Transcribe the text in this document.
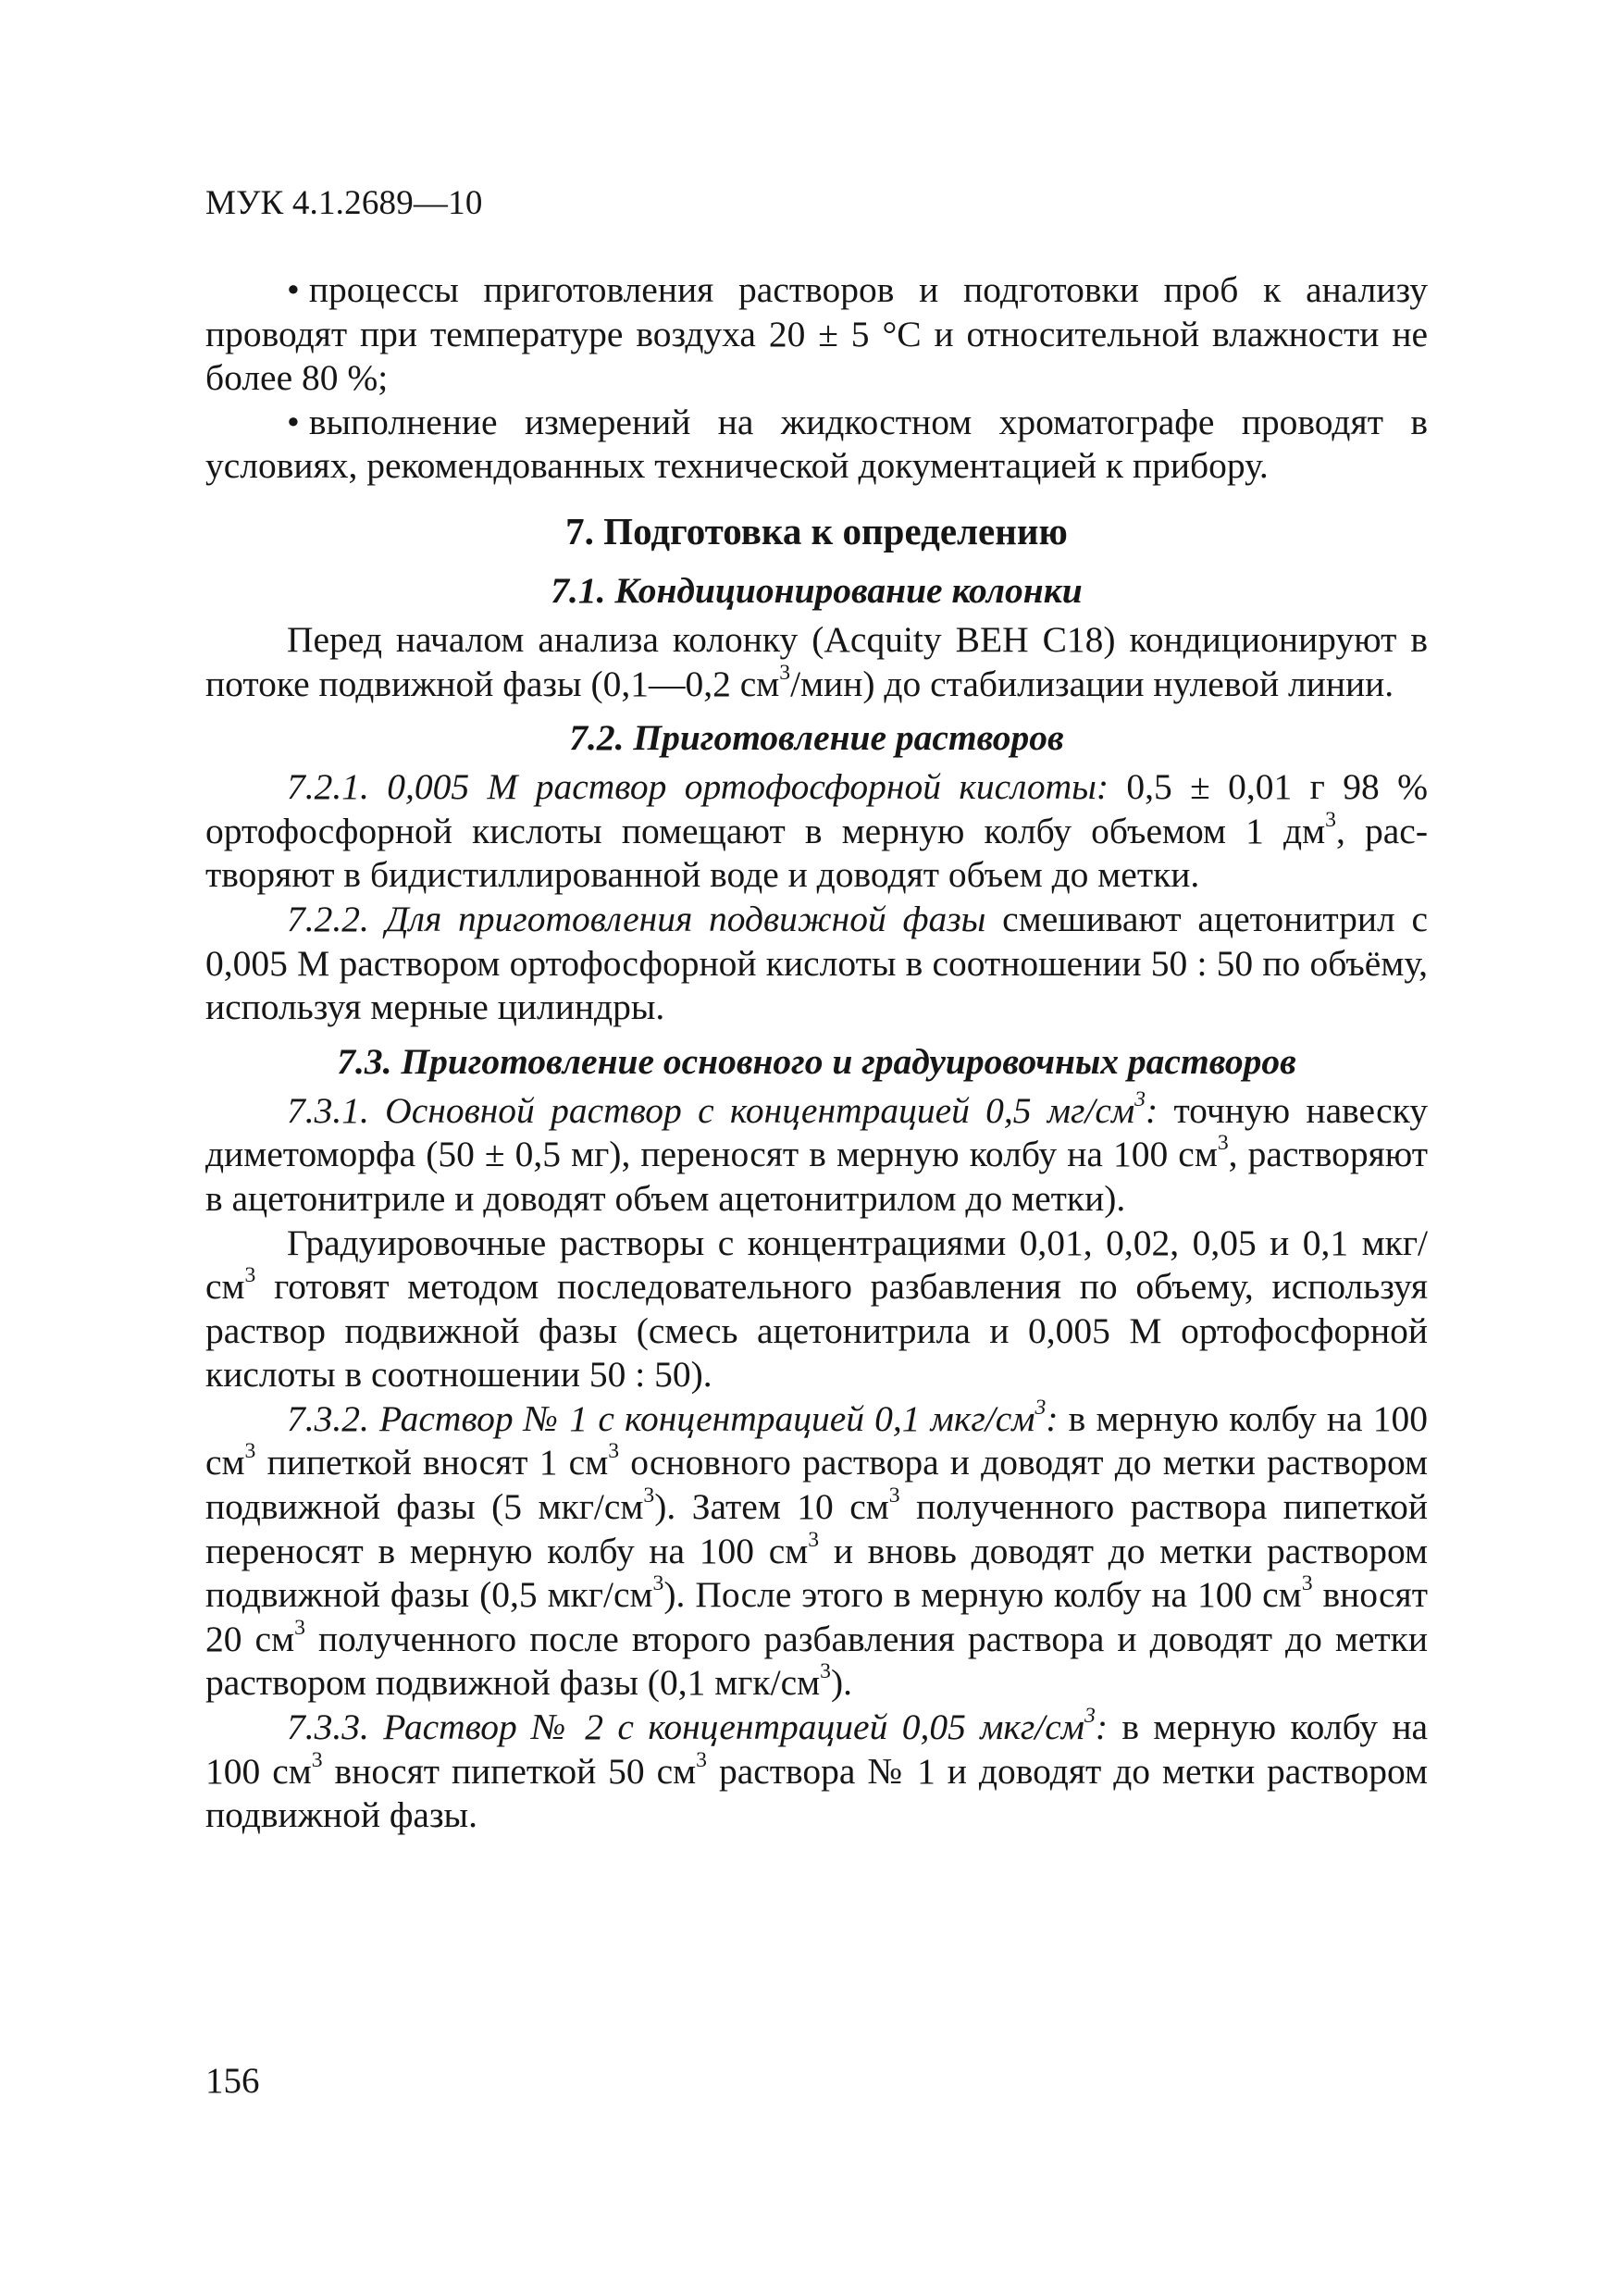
МУК 4.1.2689—10

• процессы приготовления растворов и подготовки проб к анализу проводят при температуре воздуха 20 ± 5 °С и относительной влажности не более 80 %;

• выполнение измерений на жидкостном хроматографе проводят в условиях, рекомендованных технической документацией к прибору.

7. Подготовка к определению
7.1. Кондиционирование колонки

Перед началом анализа колонку (Acquity ВЕН С18) кондиционируют в потоке подвижной фазы (0,1—0,2 $см^3/мин$) до стабилизации нулевой линии.

7.2. Приготовление растворов

7.2.1. 0,005 М раствор ортофосфорной кислоты: 0,5 ± 0,01 г 98 % ортофосфорной кислоты помещают в мерную колбу объемом 1 $дм^3$, растворяют в бидистиллированной воде и доводят объем до метки.

7.2.2. Для приготовления подвижной фазы смешивают ацетонитрил с 0,005 М раствором ортофосфорной кислоты в соотношении 50 : 50 по объёму, используя мерные цилиндры.

7.3. Приготовление основного и градуировочных растворов

7.3.1. Основной раствор с концентрацией 0,5 $мг/см^3$: точную навеску диметоморфа (50 ± 0,5 мг), переносят в мерную колбу на 100 $см^3$, растворяют в ацетонитриле и доводят объем ацетонитрилом до метки).

Градуировочные растворы с концентрациями 0,01, 0,02, 0,05 и 0,1 мкг/$см^3$ готовят методом последовательного разбавления по объему, используя раствор подвижной фазы (смесь ацетонитрила и 0,005 М ортофосфорной кислоты в соотношении 50 : 50).

7.3.2. Раствор № 1 с концентрацией 0,1 мкг/$см^3$: в мерную колбу на 100 $см^3$ пипеткой вносят 1 $см^3$ основного раствора и доводят до метки раствором подвижной фазы (5 мкг/$см^3$). Затем 10 $см^3$ полученного раствора пипеткой переносят в мерную колбу на 100 $см^3$ и вновь доводят до метки раствором подвижной фазы (0,5 мкг/$см^3$). После этого в мерную колбу на 100 $см^3$ вносят 20 $см^3$ полученного после второго разбавления раствора и доводят до метки раствором подвижной фазы (0,1 мгк/$см^3$).

7.3.3. Раствор № 2 с концентрацией 0,05 мкг/$см^3$: в мерную колбу на 100 $см^3$ вносят пипеткой 50 $см^3$ раствора № 1 и доводят до метки раствором подвижной фазы.

156
